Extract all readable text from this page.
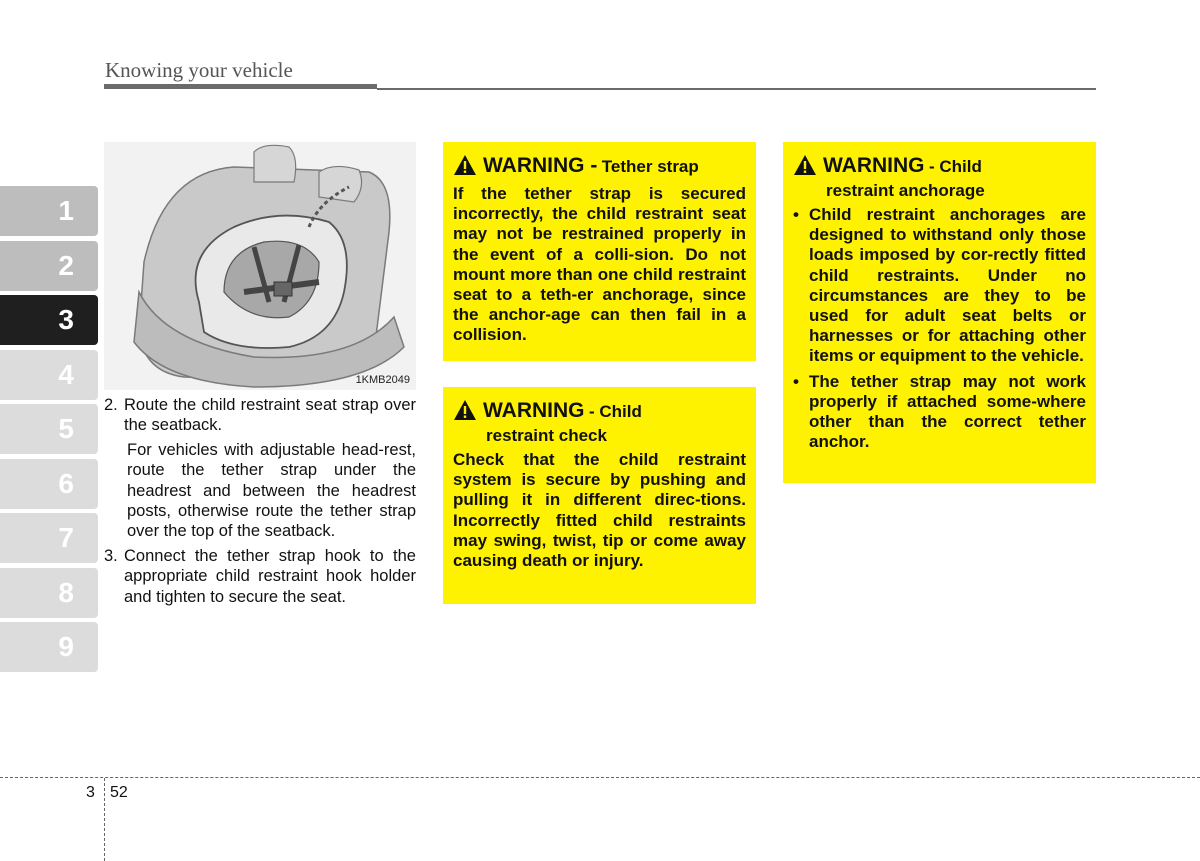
Knowing your vehicle
1
2
3
4
5
6
7
8
9
1KMB2049
2. Route the child restraint seat strap over the seatback.
For vehicles with adjustable head-rest, route the tether strap under the headrest and between the headrest posts, otherwise route the tether strap over the top of the seatback.
3. Connect the tether strap hook to the appropriate child restraint hook holder and tighten to secure the seat.
WARNING -
Tether strap
If the tether strap is secured incorrectly, the child restraint seat may not be restrained properly in the event of a colli-sion. Do not mount more than one child restraint seat to a teth-er anchorage, since the anchor-age can then fail in a collision.
WARNING
- Child
restraint check
Check that the child restraint system is secure by pushing and pulling it in different direc-tions. Incorrectly fitted child restraints may swing, twist, tip or come away causing death or injury.
WARNING
- Child
restraint anchorage
• Child restraint anchorages are designed to withstand only those loads imposed by cor-rectly fitted child restraints. Under no circumstances are they to be used for adult seat belts or harnesses or for attaching other items or equipment to the vehicle.
• The tether strap may not work properly if attached some-where other than the correct tether anchor.
3 52
